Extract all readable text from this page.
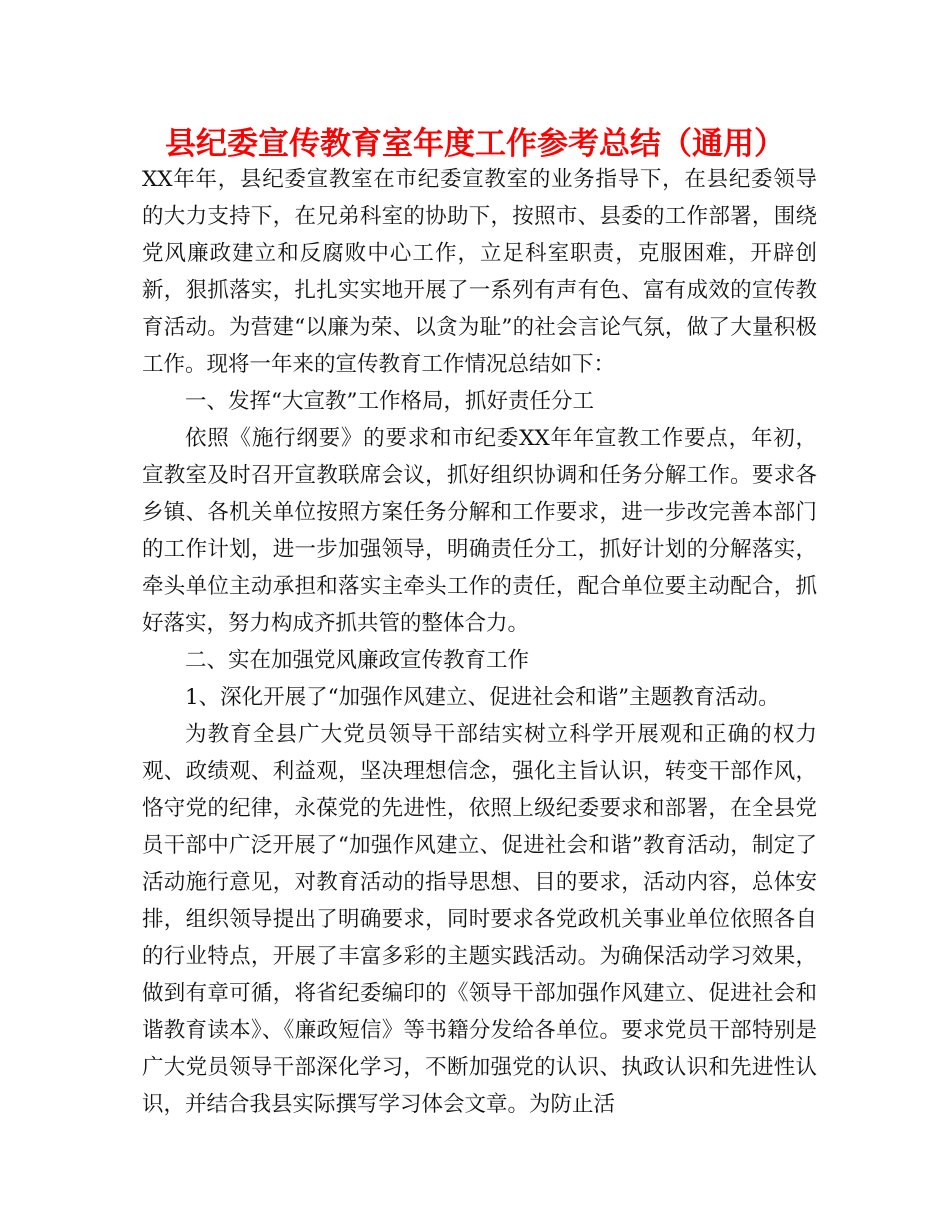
县纪委宣传教育室年度工作参考总结（通用）

XX年年，县纪委宣教室在市纪委宣教室的业务指导下，在县纪委领导的大力支持下，在兄弟科室的协助下，按照市、县委的工作部署，围绕党风廉政建立和反腐败中心工作，立足科室职责，克服困难，开辟创新，狠抓落实，扎扎实实地开展了一系列有声有色、富有成效的宣传教育活动。为营建“以廉为荣、以贪为耻”的社会言论气氛，做了大量积极工作。现将一年来的宣传教育工作情况总结如下：

一、发挥“大宣教”工作格局，抓好责任分工

依照《施行纲要》的要求和市纪委XX年年宣教工作要点，年初，宣教室及时召开宣教联席会议，抓好组织协调和任务分解工作。要求各乡镇、各机关单位按照方案任务分解和工作要求，进一步改完善本部门的工作计划，进一步加强领导，明确责任分工，抓好计划的分解落实，牵头单位主动承担和落实主牵头工作的责任，配合单位要主动配合，抓好落实，努力构成齐抓共管的整体合力。

二、实在加强党风廉政宣传教育工作

1、深化开展了“加强作风建立、促进社会和谐”主题教育活动。

为教育全县广大党员领导干部结实树立科学开展观和正确的权力观、政绩观、利益观，坚决理想信念，强化主旨认识，转变干部作风，恪守党的纪律，永葆党的先进性，依照上级纪委要求和部署，在全县党员干部中广泛开展了“加强作风建立、促进社会和谐”教育活动，制定了活动施行意见，对教育活动的指导思想、目的要求，活动内容，总体安排，组织领导提出了明确要求，同时要求各党政机关事业单位依照各自的行业特点，开展了丰富多彩的主题实践活动。为确保活动学习效果，做到有章可循，将省纪委编印的《领导干部加强作风建立、促进社会和谐教育读本》、《廉政短信》等书籍分发给各单位。要求党员干部特别是广大党员领导干部深化学习，不断加强党的认识、执政认识和先进性认识，并结合我县实际撰写学习体会文章。为防止活
